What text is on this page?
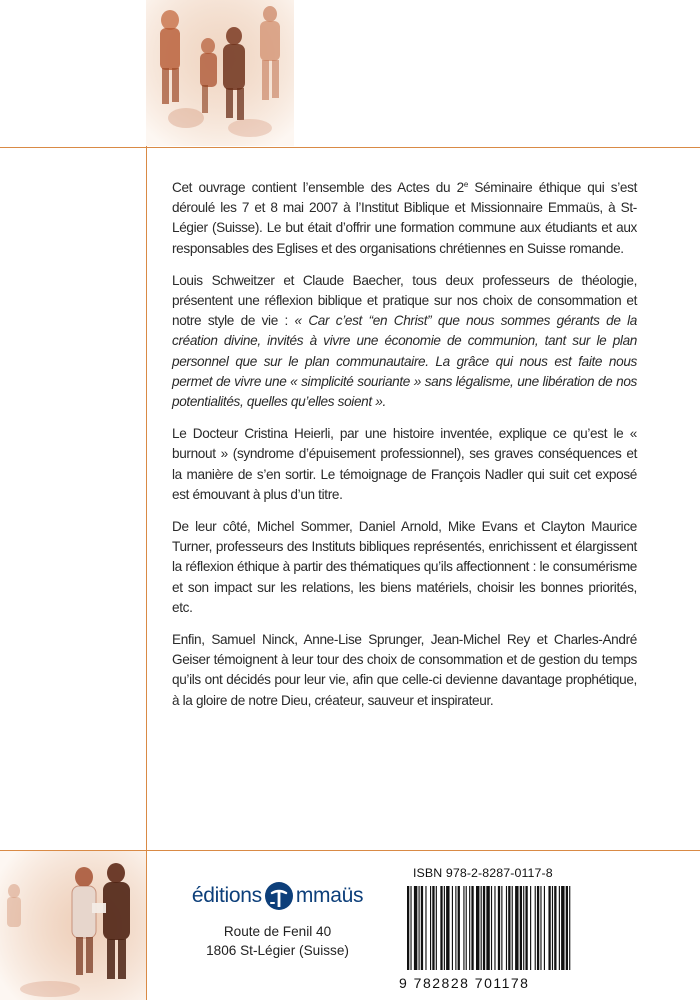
Cet ouvrage contient l’ensemble des Actes du 2e Séminaire éthique qui s’est déroulé les 7 et 8 mai 2007 à l’Institut Biblique et Missionnaire Emmaüs, à St-Légier (Suisse). Le but était d’offrir une formation commune aux étudiants et aux responsables des Eglises et des organisations chrétiennes en Suisse romande.

Louis Schweitzer et Claude Baecher, tous deux professeurs de théologie, présentent une réflexion biblique et pratique sur nos choix de consommation et notre style de vie : « Car c’est “en Christ” que nous sommes gérants de la création divine, invités à vivre une économie de communion, tant sur le plan personnel que sur le plan communautaire. La grâce qui nous est faite nous permet de vivre une « simplicité souriante » sans légalisme, une libération de nos potentialités, quelles qu’elles soient ».

Le Docteur Cristina Heierli, par une histoire inventée, explique ce qu’est le « burnout » (syndrome d’épuisement professionnel), ses graves conséquences et la manière de s’en sortir. Le témoignage de François Nadler qui suit cet exposé est émouvant à plus d’un titre.

De leur côté, Michel Sommer, Daniel Arnold, Mike Evans et Clayton Maurice Turner, professeurs des Instituts bibliques représentés, enrichissent et élargissent la réflexion éthique à partir des thématiques qu’ils affectionnent : le consumérisme et son impact sur les relations, les biens matériels, choisir les bonnes priorités, etc.

Enfin, Samuel Ninck, Anne-Lise Sprunger, Jean-Michel Rey et Charles-André Geiser témoignent à leur tour des choix de consommation et de gestion du temps qu’ils ont décidés pour leur vie, afin que celle-ci devienne davantage prophétique, à la gloire de notre Dieu, créateur, sauveur et inspirateur.

éditions mmaüs
Route de Fenil 40
1806 St-Légier (Suisse)
ISBN 978-2-8287-0117-8
9 782828 701178
